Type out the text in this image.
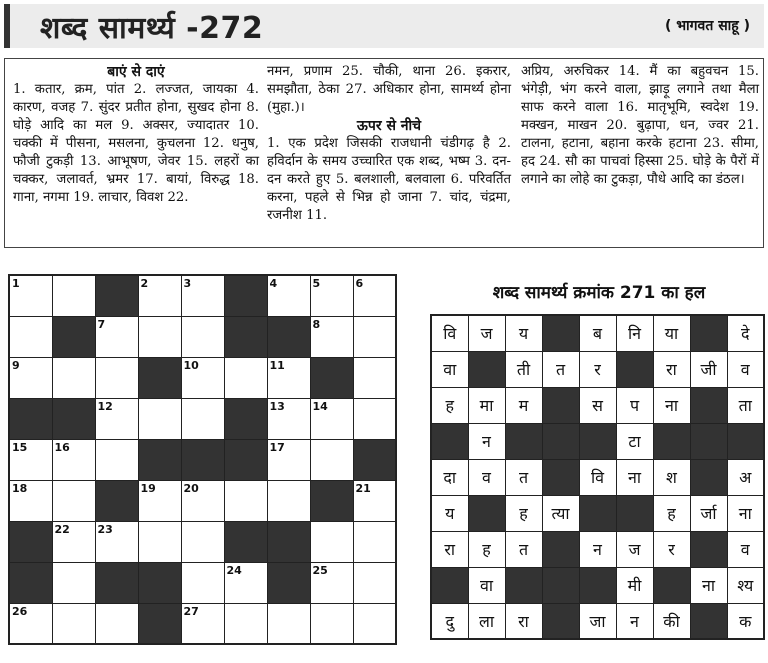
शब्द सामर्थ्य -272	( भागवत साहू )
बाएं से दाएं
1. कतार, क्रम, पांत 2. लज्जत, जायका 4. कारण, वजह 7. सुंदर प्रतीत होना, सुखद होना 8. घोड़े आदि का मल 9. अक्सर, ज्यादातर 10. चक्की में पीसना, मसलना, कुचलना 12. धनुष, फौजी टुकड़ी 13. आभूषण, जेवर 15. लहरों का चक्कर, जलावर्त, भ्रमर 17. बायां, विरुद्ध 18. गाना, नगमा 19. लाचार, विवश 22.
नमन, प्रणाम 25. चौकी, थाना 26. इकरार, समझौता, ठेका 27. अधिकार होना, सामर्थ्य होना (मुहा.)।
ऊपर से नीचे
1. एक प्रदेश जिसकी राजधानी चंडीगढ़ है 2. हविर्दान के समय उच्चारित एक शब्द, भष्म 3. दन-दन करते हुए 5. बलशाली, बलवाला 6. परिवर्तित करना, पहले से भिन्न हो जाना 7. चांद, चंद्रमा, रजनीश 11.
अप्रिय, अरुचिकर 14. मैं का बहुवचन 15. भंगेड़ी, भंग करने वाला, झाड़ू लगाने तथा मैला साफ करने वाला 16. मातृभूमि, स्वदेश 19. मक्खन, माखन 20. बुढ़ापा, धन, ज्वर 21. टालना, हटाना, बहाना करके हटाना 23. सीमा, हद 24. सौ का पाचवां हिस्सा 25. घोड़े के पैरों में लगाने का लोहे का टुकड़ा, पौधे आदि का डंठल।
1			2	3		4	5	6

		7					8	

9				10		11		

		12				13	14	

15	16					17		

18			19	20				21

	22	23						

					24		25	

26				27				

शब्द सामर्थ्य क्रमांक 271 का हल
वि	ज	य		ब	नि	या		दे
वा		ती	त	र		रा	जी	व
ह	मा	म		स	प	ना		ता
	न				टा			
दा	व	त		वि	ना	श		अ
य		ह	त्या			ह	र्जा	ना
रा	ह	त		न	ज	र		व
	वा				मी		ना	श्य
दु	ला	रा		जा	न	की		क
